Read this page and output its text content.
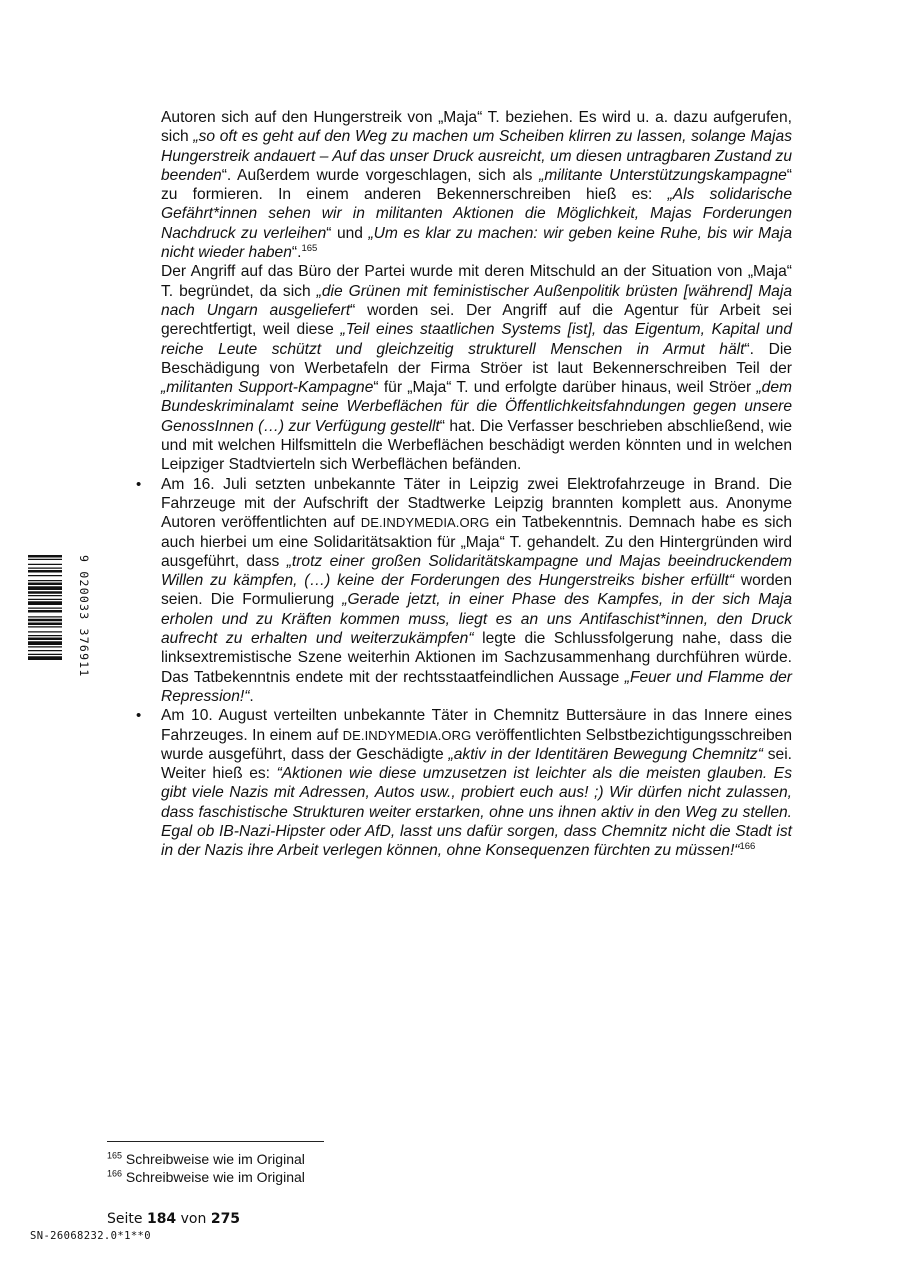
Autoren sich auf den Hungerstreik von „Maja“ T. beziehen. Es wird u. a. dazu aufgerufen, sich „so oft es geht auf den Weg zu machen um Scheiben klirren zu lassen, solange Majas Hungerstreik andauert – Auf das unser Druck ausreicht, um diesen untragbaren Zustand zu beenden“. Außerdem wurde vorgeschlagen, sich als „militante Unterstützungskampagne“ zu formieren. In einem anderen Bekennerschreiben hieß es: „Als solidarische Gefährt*innen sehen wir in militanten Aktionen die Möglichkeit, Majas Forderungen Nachdruck zu verleihen“ und „Um es klar zu machen: wir geben keine Ruhe, bis wir Maja nicht wieder haben“.$^{165}$

Der Angriff auf das Büro der Partei wurde mit deren Mitschuld an der Situation von „Maja“ T. begründet, da sich „die Grünen mit feministischer Außenpolitik brüsten [während] Maja nach Ungarn ausgeliefert“ worden sei. Der Angriff auf die Agentur für Arbeit sei gerechtfertigt, weil diese „Teil eines staatlichen Systems [ist], das Eigentum, Kapital und reiche Leute schützt und gleichzeitig strukturell Menschen in Armut hält“. Die Beschädigung von Werbetafeln der Firma Ströer ist laut Bekennerschreiben Teil der „militanten Support-Kampagne“ für „Maja“ T. und erfolgte darüber hinaus, weil Ströer „dem Bundeskriminalamt seine Werbeflächen für die Öffentlichkeitsfahndungen gegen unsere GenossInnen (…) zur Verfügung gestellt“ hat. Die Verfasser beschrieben abschließend, wie und mit welchen Hilfsmitteln die Werbeflächen beschädigt werden könnten und in welchen Leipziger Stadtvierteln sich Werbeflächen befänden.

• Am 16. Juli setzten unbekannte Täter in Leipzig zwei Elektrofahrzeuge in Brand. Die Fahrzeuge mit der Aufschrift der Stadtwerke Leipzig brannten komplett aus. Anonyme Autoren veröffentlichten auf DE.INDYMEDIA.ORG ein Tatbekenntnis. Demnach habe es sich auch hierbei um eine Solidaritätsaktion für „Maja“ T. gehandelt. Zu den Hintergründen wird ausgeführt, dass „trotz einer großen Solidaritätskampagne und Majas beeindruckendem Willen zu kämpfen, (…) keine der Forderungen des Hungerstreiks bisher erfüllt“ worden seien. Die Formulierung „Gerade jetzt, in einer Phase des Kampfes, in der sich Maja erholen und zu Kräften kommen muss, liegt es an uns Antifaschist*innen, den Druck aufrecht zu erhalten und weiterzukämpfen“ legte die Schlussfolgerung nahe, dass die linksextremistische Szene weiterhin Aktionen im Sachzusammenhang durchführen würde. Das Tatbekenntnis endete mit der rechtsstaatfeindlichen Aussage „Feuer und Flamme der Repression!“.
• Am 10. August verteilten unbekannte Täter in Chemnitz Buttersäure in das Innere eines Fahrzeuges. In einem auf DE.INDYMEDIA.ORG veröffentlichten Selbstbezichtigungsschreiben wurde ausgeführt, dass der Geschädigte „aktiv in der Identitären Bewegung Chemnitz“ sei. Weiter hieß es: “Aktionen wie diese umzusetzen ist leichter als die meisten glauben. Es gibt viele Nazis mit Adressen, Autos usw., probiert euch aus! ;) Wir dürfen nicht zulassen, dass faschistische Strukturen weiter erstarken, ohne uns ihnen aktiv in den Weg zu stellen. Egal ob IB-Nazi-Hipster oder AfD, lasst uns dafür sorgen, dass Chemnitz nicht die Stadt ist in der Nazis ihre Arbeit verlegen können, ohne Konsequenzen fürchten zu müssen!“$^{166}$
$^{165}$ Schreibweise wie im Original
$^{166}$ Schreibweise wie im Original
Seite 184 von 275
SN-26068232.0*1**0
9 020033 376911
